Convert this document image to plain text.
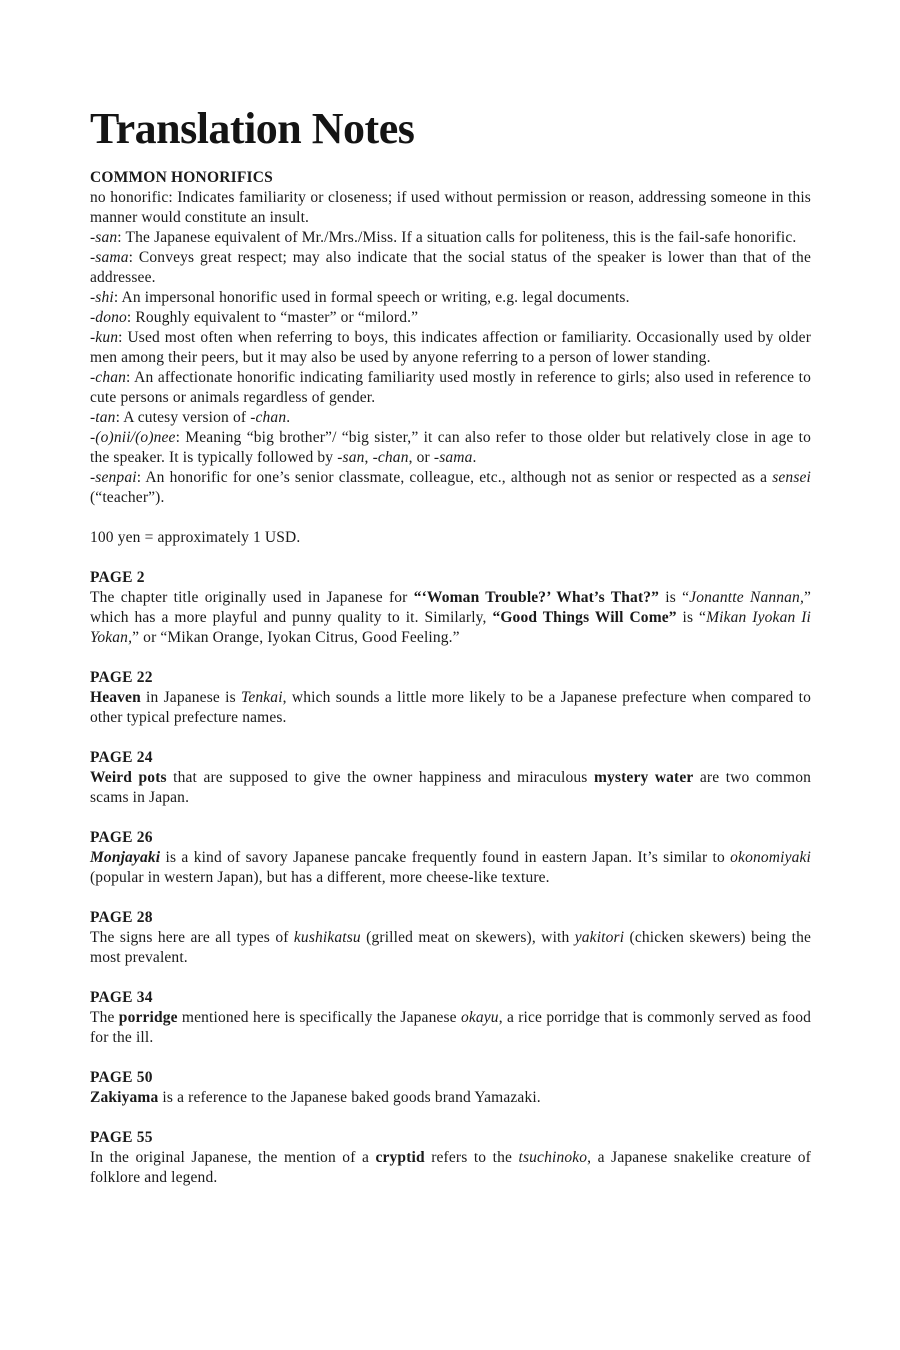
Translation Notes
COMMON HONORIFICS

no honorific: Indicates familiarity or closeness; if used without permission or reason, addressing someone in this manner would constitute an insult.

-san: The Japanese equivalent of Mr./Mrs./Miss. If a situation calls for politeness, this is the fail-safe honorific.

-sama: Conveys great respect; may also indicate that the social status of the speaker is lower than that of the addressee.

-shi: An impersonal honorific used in formal speech or writing, e.g. legal documents.

-dono: Roughly equivalent to “master” or “milord.”

-kun: Used most often when referring to boys, this indicates affection or familiarity. Occasionally used by older men among their peers, but it may also be used by anyone referring to a person of lower standing.

-chan: An affectionate honorific indicating familiarity used mostly in reference to girls; also used in reference to cute persons or animals regardless of gender.

-tan: A cutesy version of -chan.

-(o)nii/(o)nee: Meaning “big brother”/ “big sister,” it can also refer to those older but relatively close in age to the speaker. It is typically followed by -san, -chan, or -sama.

-senpai: An honorific for one’s senior classmate, colleague, etc., although not as senior or respected as a sensei (“teacher”).

100 yen = approximately 1 USD.

PAGE 2

The chapter title originally used in Japanese for “‘Woman Trouble?’ What’s That?” is “Jonantte Nannan,” which has a more playful and punny quality to it. Similarly, “Good Things Will Come” is “Mikan Iyokan Ii Yokan,” or “Mikan Orange, Iyokan Citrus, Good Feeling.”

PAGE 22

Heaven in Japanese is Tenkai, which sounds a little more likely to be a Japanese prefecture when compared to other typical prefecture names.

PAGE 24

Weird pots that are supposed to give the owner happiness and miraculous mystery water are two common scams in Japan.

PAGE 26

Monjayaki is a kind of savory Japanese pancake frequently found in eastern Japan. It’s similar to okonomiyaki (popular in western Japan), but has a different, more cheese-like texture.

PAGE 28

The signs here are all types of kushikatsu (grilled meat on skewers), with yakitori (chicken skewers) being the most prevalent.

PAGE 34

The porridge mentioned here is specifically the Japanese okayu, a rice porridge that is commonly served as food for the ill.

PAGE 50

Zakiyama is a reference to the Japanese baked goods brand Yamazaki.

PAGE 55

In the original Japanese, the mention of a cryptid refers to the tsuchinoko, a Japanese snakelike creature of folklore and legend.
